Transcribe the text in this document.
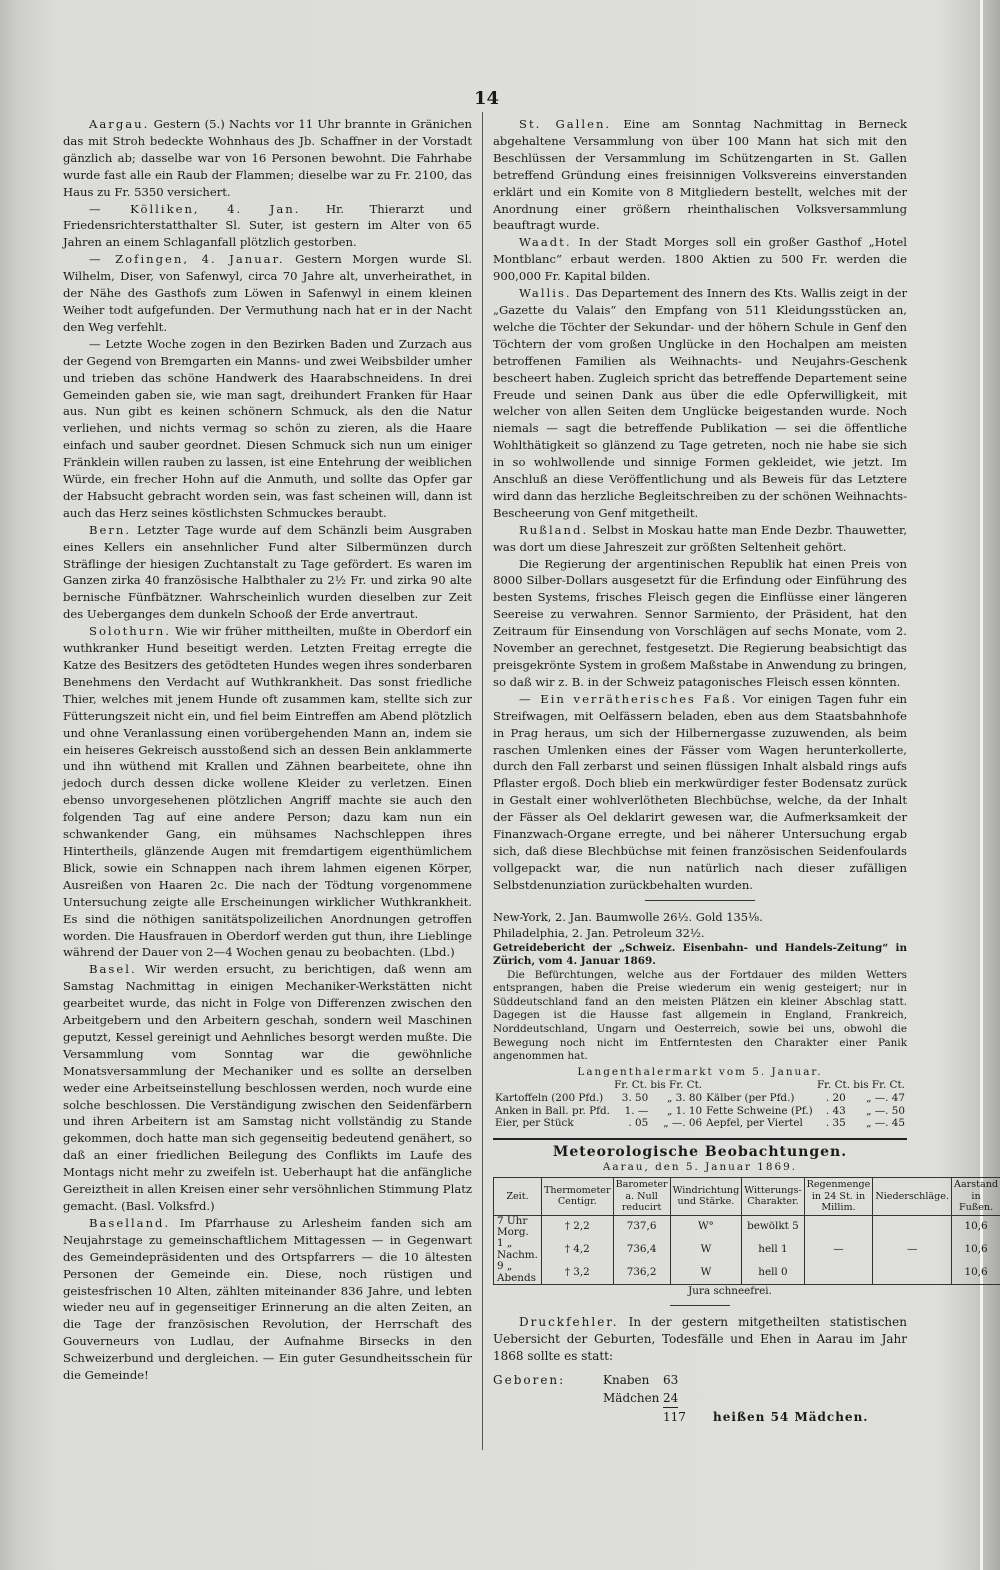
14

Aargau. Gestern (5.) Nachts vor 11 Uhr brannte in Gränichen das mit Stroh bedeckte Wohnhaus des Jb. Schaffner in der Vorstadt gänzlich ab; dasselbe war von 16 Personen bewohnt. Die Fahrhabe wurde fast alle ein Raub der Flammen; dieselbe war zu Fr. 2100, das Haus zu Fr. 5350 versichert.

— Kölliken, 4. Jan. Hr. Thierarzt und Friedensrichterstatthalter Sl. Suter, ist gestern im Alter von 65 Jahren an einem Schlaganfall plötzlich gestorben.

— Zofingen, 4. Januar. Gestern Morgen wurde Sl. Wilhelm, Diser, von Safenwyl, circa 70 Jahre alt, unverheirathet, in der Nähe des Gasthofs zum Löwen in Safenwyl in einem kleinen Weiher todt aufgefunden. Der Vermuthung nach hat er in der Nacht den Weg verfehlt.

— Letzte Woche zogen in den Bezirken Baden und Zurzach aus der Gegend von Bremgarten ein Manns- und zwei Weibsbilder umher und trieben das schöne Handwerk des Haarabschneidens. In drei Gemeinden gaben sie, wie man sagt, dreihundert Franken für Haar aus. Nun gibt es keinen schönern Schmuck, als den die Natur verliehen, und nichts vermag so schön zu zieren, als die Haare einfach und sauber geordnet. Diesen Schmuck sich nun um einiger Fränklein willen rauben zu lassen, ist eine Entehrung der weiblichen Würde, ein frecher Hohn auf die Anmuth, und sollte das Opfer gar der Habsucht gebracht worden sein, was fast scheinen will, dann ist auch das Herz seines köstlichsten Schmuckes beraubt.

Bern. Letzter Tage wurde auf dem Schänzli beim Ausgraben eines Kellers ein ansehnlicher Fund alter Silbermünzen durch Sträflinge der hiesigen Zuchtanstalt zu Tage gefördert. Es waren im Ganzen zirka 40 französische Halbthaler zu 2½ Fr. und zirka 90 alte bernische Fünfbätzner. Wahrscheinlich wurden dieselben zur Zeit des Ueberganges dem dunkeln Schooß der Erde anvertraut.

Solothurn. Wie wir früher mittheilten, mußte in Oberdorf ein wuthkranker Hund beseitigt werden. Letzten Freitag erregte die Katze des Besitzers des getödteten Hundes wegen ihres sonderbaren Benehmens den Verdacht auf Wuthkrankheit. Das sonst friedliche Thier, welches mit jenem Hunde oft zusammen kam, stellte sich zur Fütterungszeit nicht ein, und fiel beim Eintreffen am Abend plötzlich und ohne Veranlassung einen vorübergehenden Mann an, indem sie ein heiseres Gekreisch ausstoßend sich an dessen Bein anklammerte und ihn wüthend mit Krallen und Zähnen bearbeitete, ohne ihn jedoch durch dessen dicke wollene Kleider zu verletzen. Einen ebenso unvorgesehenen plötzlichen Angriff machte sie auch den folgenden Tag auf eine andere Person; dazu kam nun ein schwankender Gang, ein mühsames Nachschleppen ihres Hintertheils, glänzende Augen mit fremdartigem eigenthümlichem Blick, sowie ein Schnappen nach ihrem lahmen eigenen Körper, Ausreißen von Haaren 2c. Die nach der Tödtung vorgenommene Untersuchung zeigte alle Erscheinungen wirklicher Wuthkrankheit. Es sind die nöthigen sanitätspolizeilichen Anordnungen getroffen worden. Die Hausfrauen in Oberdorf werden gut thun, ihre Lieblinge während der Dauer von 2—4 Wochen genau zu beobachten. (Lbd.)

Basel. Wir werden ersucht, zu berichtigen, daß wenn am Samstag Nachmittag in einigen Mechaniker-Werkstätten nicht gearbeitet wurde, das nicht in Folge von Differenzen zwischen den Arbeitgebern und den Arbeitern geschah, sondern weil Maschinen geputzt, Kessel gereinigt und Aehnliches besorgt werden mußte. Die Versammlung vom Sonntag war die gewöhnliche Monatsversammlung der Mechaniker und es sollte an derselben weder eine Arbeitseinstellung beschlossen werden, noch wurde eine solche beschlossen. Die Verständigung zwischen den Seidenfärbern und ihren Arbeitern ist am Samstag nicht vollständig zu Stande gekommen, doch hatte man sich gegenseitig bedeutend genähert, so daß an einer friedlichen Beilegung des Conflikts im Laufe des Montags nicht mehr zu zweifeln ist. Ueberhaupt hat die anfängliche Gereiztheit in allen Kreisen einer sehr versöhnlichen Stimmung Platz gemacht. (Basl. Volksfrd.)

Baselland. Im Pfarrhause zu Arlesheim fanden sich am Neujahrstage zu gemeinschaftlichem Mittagessen — in Gegenwart des Gemeindepräsidenten und des Ortspfarrers — die 10 ältesten Personen der Gemeinde ein. Diese, noch rüstigen und geistesfrischen 10 Alten, zählten miteinander 836 Jahre, und lebten wieder neu auf in gegenseitiger Erinnerung an die alten Zeiten, an die Tage der französischen Revolution, der Herrschaft des Gouverneurs von Ludlau, der Aufnahme Birsecks in den Schweizerbund und dergleichen. — Ein guter Gesundheitsschein für die Gemeinde!

St. Gallen. Eine am Sonntag Nachmittag in Berneck abgehaltene Versammlung von über 100 Mann hat sich mit den Beschlüssen der Versammlung im Schützengarten in St. Gallen betreffend Gründung eines freisinnigen Volksvereins einverstanden erklärt und ein Komite von 8 Mitgliedern bestellt, welches mit der Anordnung einer größern rheinthalischen Volksversammlung beauftragt wurde.

Waadt. In der Stadt Morges soll ein großer Gasthof „Hotel Montblanc“ erbaut werden. 1800 Aktien zu 500 Fr. werden die 900,000 Fr. Kapital bilden.

Wallis. Das Departement des Innern des Kts. Wallis zeigt in der „Gazette du Valais“ den Empfang von 511 Kleidungsstücken an, welche die Töchter der Sekundar- und der höhern Schule in Genf den Töchtern der vom großen Unglücke in den Hochalpen am meisten betroffenen Familien als Weihnachts- und Neujahrs-Geschenk bescheert haben. Zugleich spricht das betreffende Departement seine Freude und seinen Dank aus über die edle Opferwilligkeit, mit welcher von allen Seiten dem Unglücke beigestanden wurde. Noch niemals — sagt die betreffende Publikation — sei die öffentliche Wohlthätigkeit so glänzend zu Tage getreten, noch nie habe sie sich in so wohlwollende und sinnige Formen gekleidet, wie jetzt. Im Anschluß an diese Veröffentlichung und als Beweis für das Letztere wird dann das herzliche Begleitschreiben zu der schönen Weihnachts-Bescheerung von Genf mitgetheilt.

Rußland. Selbst in Moskau hatte man Ende Dezbr. Thauwetter, was dort um diese Jahreszeit zur größten Seltenheit gehört.

Die Regierung der argentinischen Republik hat einen Preis von 8000 Silber-Dollars ausgesetzt für die Erfindung oder Einführung des besten Systems, frisches Fleisch gegen die Einflüsse einer längeren Seereise zu verwahren. Sennor Sarmiento, der Präsident, hat den Zeitraum für Einsendung von Vorschlägen auf sechs Monate, vom 2. November an gerechnet, festgesetzt. Die Regierung beabsichtigt das preisgekrönte System in großem Maßstabe in Anwendung zu bringen, so daß wir z. B. in der Schweiz patagonisches Fleisch essen könnten.

— Ein verrätherisches Faß. Vor einigen Tagen fuhr ein Streifwagen, mit Oelfässern beladen, eben aus dem Staatsbahnhofe in Prag heraus, um sich der Hilbernergasse zuzuwenden, als beim raschen Umlenken eines der Fässer vom Wagen herunterkollerte, durch den Fall zerbarst und seinen flüssigen Inhalt alsbald rings aufs Pflaster ergoß. Doch blieb ein merkwürdiger fester Bodensatz zurück in Gestalt einer wohlverlötheten Blechbüchse, welche, da der Inhalt der Fässer als Oel deklarirt gewesen war, die Aufmerksamkeit der Finanzwach-Organe erregte, und bei näherer Untersuchung ergab sich, daß diese Blechbüchse mit feinen französischen Seidenfoulards vollgepackt war, die nun natürlich nach dieser zufälligen Selbstdenunziation zurückbehalten wurden.

New-York, 2. Jan. Baumwolle 26½. Gold 135⅛.

Philadelphia, 2. Jan. Petroleum 32½.

Getreidebericht der „Schweiz. Eisenbahn- und Handels-Zeitung“ in Zürich, vom 4. Januar 1869.

Die Befürchtungen, welche aus der Fortdauer des milden Wetters entsprangen, haben die Preise wiederum ein wenig gesteigert; nur in Süddeutschland fand an den meisten Plätzen ein kleiner Abschlag statt. Dagegen ist die Hausse fast allgemein in England, Frankreich, Norddeutschland, Ungarn und Oesterreich, sowie bei uns, obwohl die Bewegung noch nicht im Entferntesten den Charakter einer Panik angenommen hat.

Langenthalermarkt vom 5. Januar.

	Fr. Ct. bis Fr. Ct.			Fr. Ct. bis Fr. Ct.	
Kartoffeln (200 Pfd.)	3. 50	„ 3. 80	Kälber (per Pfd.)	. 20	„ —. 47
Anken in Ball. pr. Pfd.	1. —	„ 1. 10	Fette Schweine (Pf.)	. 43	„ —. 50
Eier, per Stück	. 05	„ —. 06	Aepfel, per Viertel	. 35	„ —. 45
Meteorologische Beobachtungen.

Aarau, den 5. Januar 1869.

Zeit.	Thermometer Centigr.	Barometer a. Null reducirt	Windrichtung und Stärke.	Witterungs-Charakter.	Regenmenge in 24 St. in Millim.	Niederschläge.	Aarstand in Fußen.
7 Uhr Morg.	† 2,2	737,6	W°	bewölkt 5			10,6
1 „ Nachm.	† 4,2	736,4	W	hell 1	—	—	10,6
9 „ Abends	† 3,2	736,2	W	hell 0			10,6

Jura schneefrei.

Druckfehler. In der gestern mitgetheilten statistischen Uebersicht der Geburten, Todesfälle und Ehen in Aarau im Jahr 1868 sollte es statt:

Geboren:	Knaben	63
Mädchen 24
117	heißen 54 Mädchen.
